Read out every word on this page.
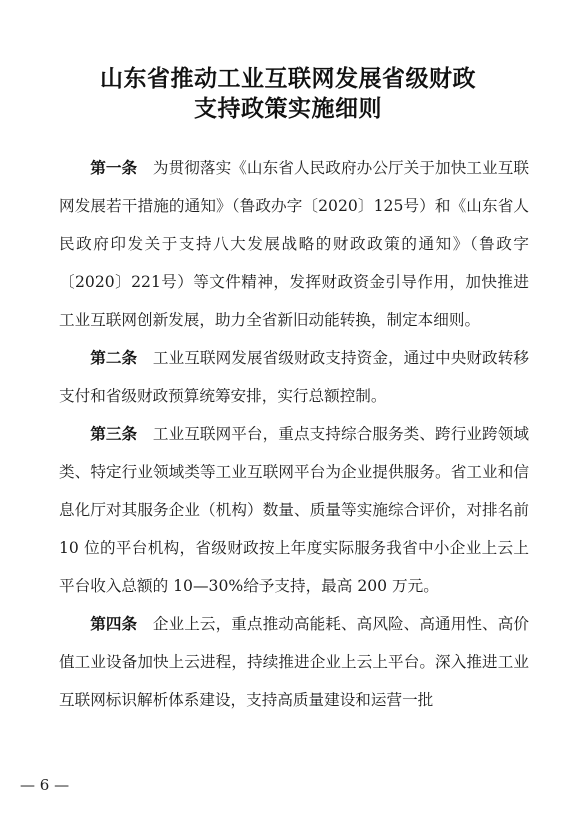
山东省推动工业互联网发展省级财政
支持政策实施细则

第一条 为贯彻落实《山东省人民政府办公厅关于加快工业互联网发展若干措施的通知》（鲁政办字〔2020〕125号）和《山东省人民政府印发关于支持八大发展战略的财政政策的通知》（鲁政字〔2020〕221号）等文件精神，发挥财政资金引导作用，加快推进工业互联网创新发展，助力全省新旧动能转换，制定本细则。

第二条 工业互联网发展省级财政支持资金，通过中央财政转移支付和省级财政预算统筹安排，实行总额控制。

第三条 工业互联网平台，重点支持综合服务类、跨行业跨领域类、特定行业领域类等工业互联网平台为企业提供服务。省工业和信息化厅对其服务企业（机构）数量、质量等实施综合评价，对排名前 10 位的平台机构，省级财政按上年度实际服务我省中小企业上云上平台收入总额的 10—30%给予支持，最高 200 万元。

第四条 企业上云，重点推动高能耗、高风险、高通用性、高价值工业设备加快上云进程，持续推进企业上云上平台。深入推进工业互联网标识解析体系建设，支持高质量建设和运营一批

— 6 —
